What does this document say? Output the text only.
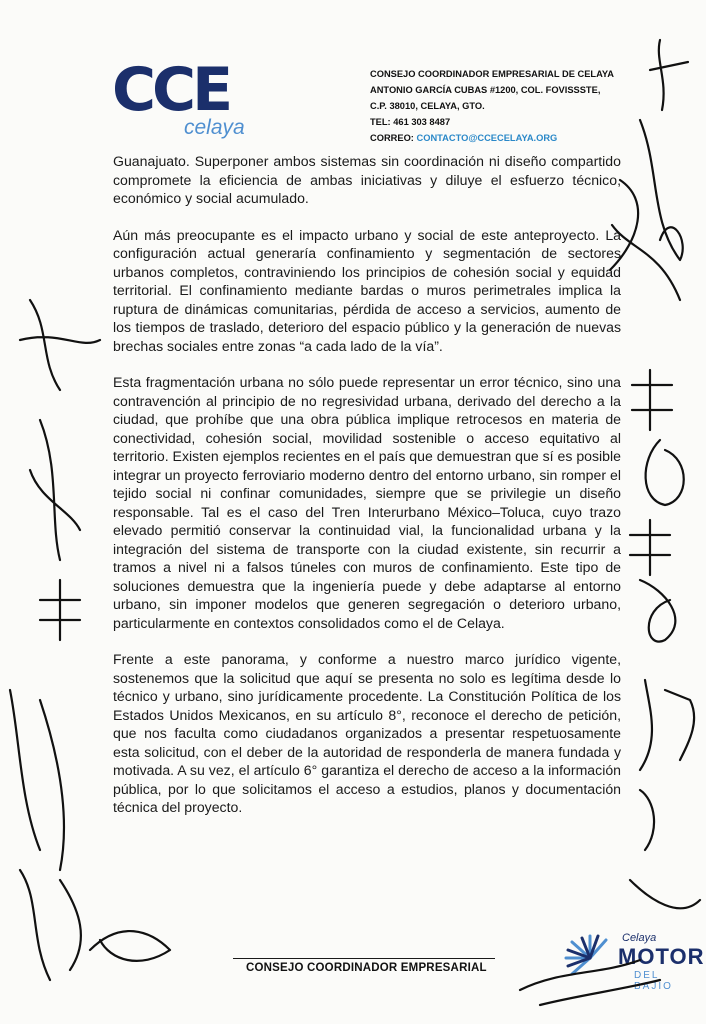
CCE
celaya
CONSEJO COORDINADOR EMPRESARIAL DE CELAYA
ANTONIO GARCÍA CUBAS #1200, COL. FOVISSSTE,
C.P. 38010, CELAYA, GTO.
TEL: 461 303 8487
CORREO: CONTACTO@CCECELAYA.ORG

Guanajuato. Superponer ambos sistemas sin coordinación ni diseño compartido compromete la eficiencia de ambas iniciativas y diluye el esfuerzo técnico, económico y social acumulado.

Aún más preocupante es el impacto urbano y social de este anteproyecto. La configuración actual generaría confinamiento y segmentación de sectores urbanos completos, contraviniendo los principios de cohesión social y equidad territorial. El confinamiento mediante bardas o muros perimetrales implica la ruptura de dinámicas comunitarias, pérdida de acceso a servicios, aumento de los tiempos de traslado, deterioro del espacio público y la generación de nuevas brechas sociales entre zonas “a cada lado de la vía”.

Esta fragmentación urbana no sólo puede representar un error técnico, sino una contravención al principio de no regresividad urbana, derivado del derecho a la ciudad, que prohíbe que una obra pública implique retrocesos en materia de conectividad, cohesión social, movilidad sostenible o acceso equitativo al territorio. Existen ejemplos recientes en el país que demuestran que sí es posible integrar un proyecto ferroviario moderno dentro del entorno urbano, sin romper el tejido social ni confinar comunidades, siempre que se privilegie un diseño responsable. Tal es el caso del Tren Interurbano México–Toluca, cuyo trazo elevado permitió conservar la continuidad vial, la funcionalidad urbana y la integración del sistema de transporte con la ciudad existente, sin recurrir a tramos a nivel ni a falsos túneles con muros de confinamiento. Este tipo de soluciones demuestra que la ingeniería puede y debe adaptarse al entorno urbano, sin imponer modelos que generen segregación o deterioro urbano, particularmente en contextos consolidados como el de Celaya.

Frente a este panorama, y conforme a nuestro marco jurídico vigente, sostenemos que la solicitud que aquí se presenta no solo es legítima desde lo técnico y urbano, sino jurídicamente procedente. La Constitución Política de los Estados Unidos Mexicanos, en su artículo 8°, reconoce el derecho de petición, que nos faculta como ciudadanos organizados a presentar respetuosamente esta solicitud, con el deber de la autoridad de responderla de manera fundada y motivada. A su vez, el artículo 6° garantiza el derecho de acceso a la información pública, por lo que solicitamos el acceso a estudios, planos y documentación técnica del proyecto.

CONSEJO COORDINADOR EMPRESARIAL
Celaya
MOTOR
DEL BAJIO
